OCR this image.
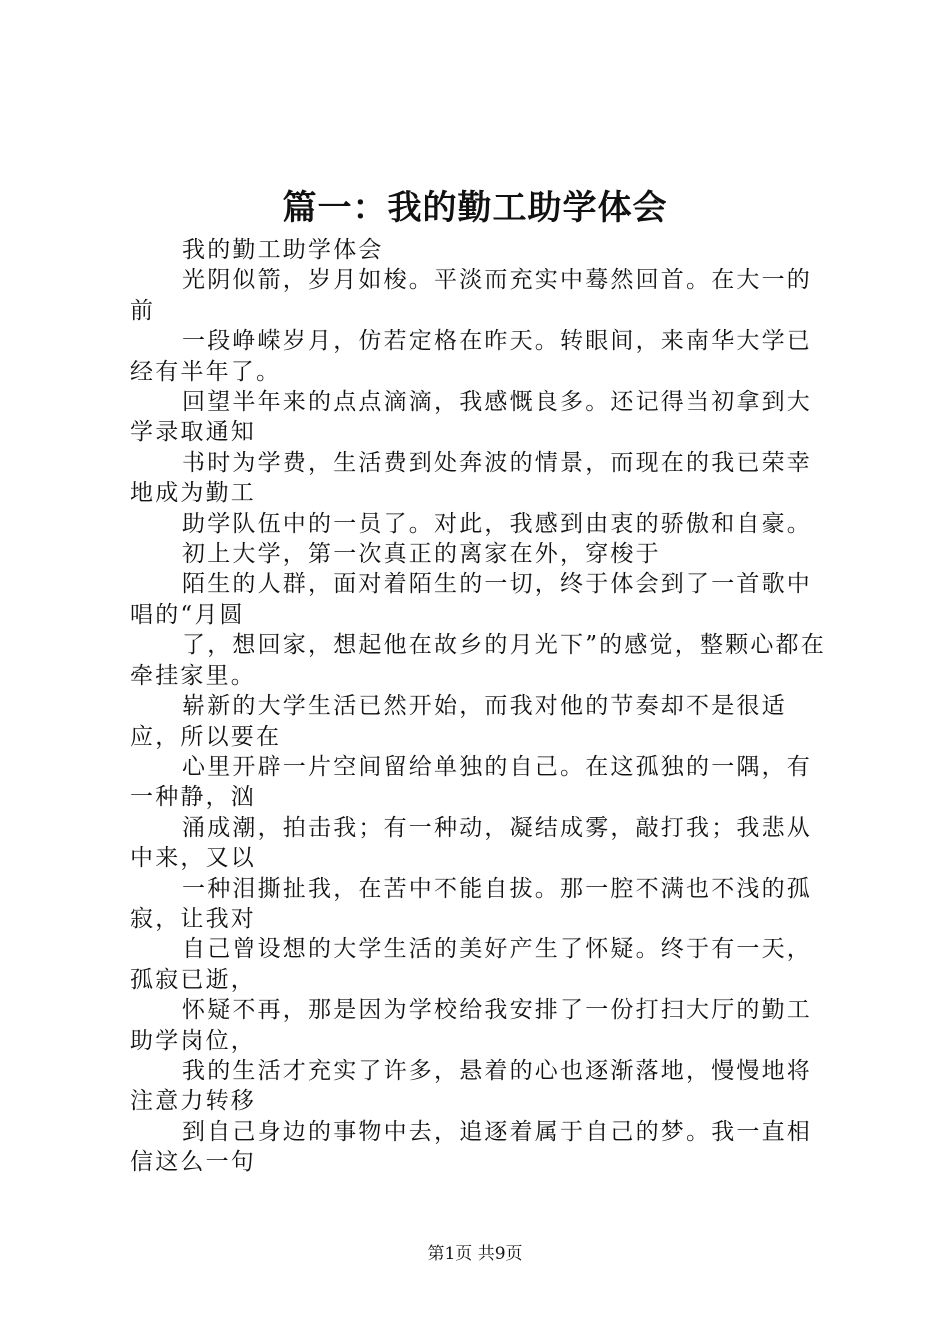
篇一：我的勤工助学体会

我的勤工助学体会

光阴似箭，岁月如梭。平淡而充实中蓦然回首。在大一的前

一段峥嵘岁月，仿若定格在昨天。转眼间，来南华大学已经有半年了。

回望半年来的点点滴滴，我感慨良多。还记得当初拿到大学录取通知

书时为学费，生活费到处奔波的情景，而现在的我已荣幸地成为勤工

助学队伍中的一员了。对此，我感到由衷的骄傲和自豪。

初上大学，第一次真正的离家在外，穿梭于

陌生的人群，面对着陌生的一切，终于体会到了一首歌中唱的“月圆

了，想回家，想起他在故乡的月光下”的感觉，整颗心都在牵挂家里。

崭新的大学生活已然开始，而我对他的节奏却不是很适应，所以要在

心里开辟一片空间留给单独的自己。在这孤独的一隅，有一种静，汹

涌成潮，拍击我；有一种动，凝结成雾，敲打我；我悲从中来，又以

一种泪撕扯我，在苦中不能自拔。那一腔不满也不浅的孤寂，让我对

自己曾设想的大学生活的美好产生了怀疑。终于有一天，孤寂已逝，

怀疑不再，那是因为学校给我安排了一份打扫大厅的勤工助学岗位，

我的生活才充实了许多，悬着的心也逐渐落地，慢慢地将注意力转移

到自己身边的事物中去，追逐着属于自己的梦。我一直相信这么一句

第1页 共9页
